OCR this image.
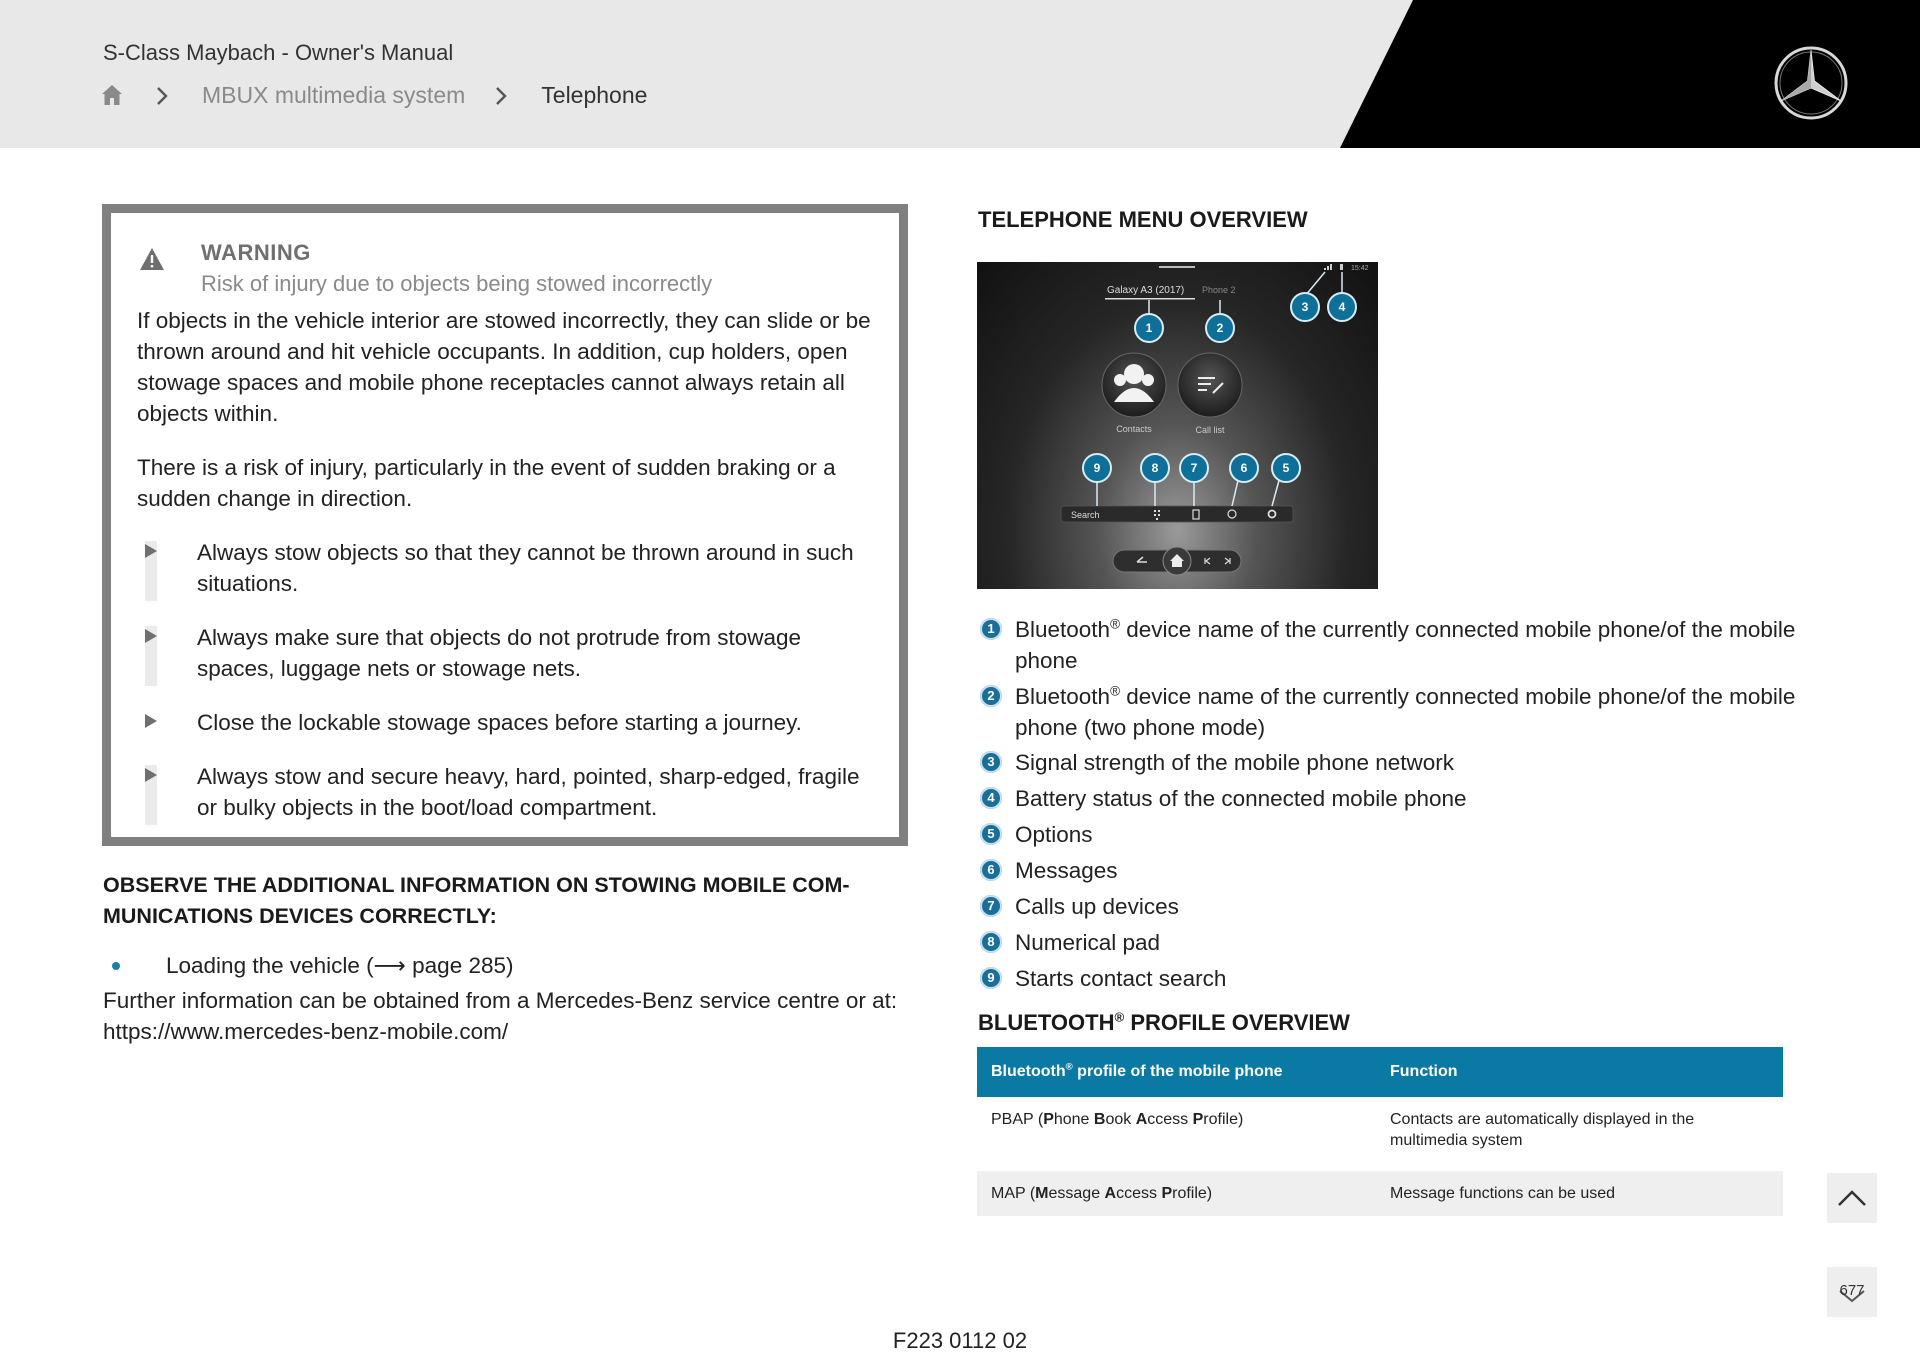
S-Class Maybach - Owner's Manual
MBUX multimedia system	Telephone
WARNING
Risk of injury due to objects being stowed incorrectly

If objects in the vehicle interior are stowed incorrectly, they can slide or be thrown around and hit vehicle occupants. In addition, cup holders, open stowage spaces and mobile phone receptacles cannot always retain all objects within.

There is a risk of injury, particularly in the event of sudden braking or a sudden change in direction.

Always stow objects so that they cannot be thrown around in such situations.
Always make sure that objects do not protrude from stowage spaces, luggage nets or stowage nets.
Close the lockable stowage spaces before starting a journey.
Always stow and secure heavy, hard, pointed, sharp-edged, fragile or bulky objects in the boot/load compartment.
OBSERVE THE ADDITIONAL INFORMATION ON STOWING MOBILE COM-
MUNICATIONS DEVICES CORRECTLY:
Loading the vehicle (⟶ page 285)
Further information can be obtained from a Mercedes-Benz service centre or at: https://www.mercedes-benz-mobile.com/
TELEPHONE MENU OVERVIEW
Galaxy A3 (2017) Phone 2
15:42
Contacts	Call list
Search
1	2
3	4
5
6
7
8
9
1 Bluetooth® device name of the currently connected mobile phone/of the mobile phone
2 Bluetooth® device name of the currently connected mobile phone/of the mobile phone (two phone mode)
3 Signal strength of the mobile phone network
4 Battery status of the connected mobile phone
5 Options
6 Messages
7 Calls up devices
8 Numerical pad
9 Starts contact search
BLUETOOTH® PROFILE OVERVIEW
Bluetooth® profile of the mobile phone	Function
PBAP (Phone Book Access Profile)	Contacts are automatically displayed in the multimedia system
MAP (Message Access Profile)	Message functions can be used
677
F223 0112 02
